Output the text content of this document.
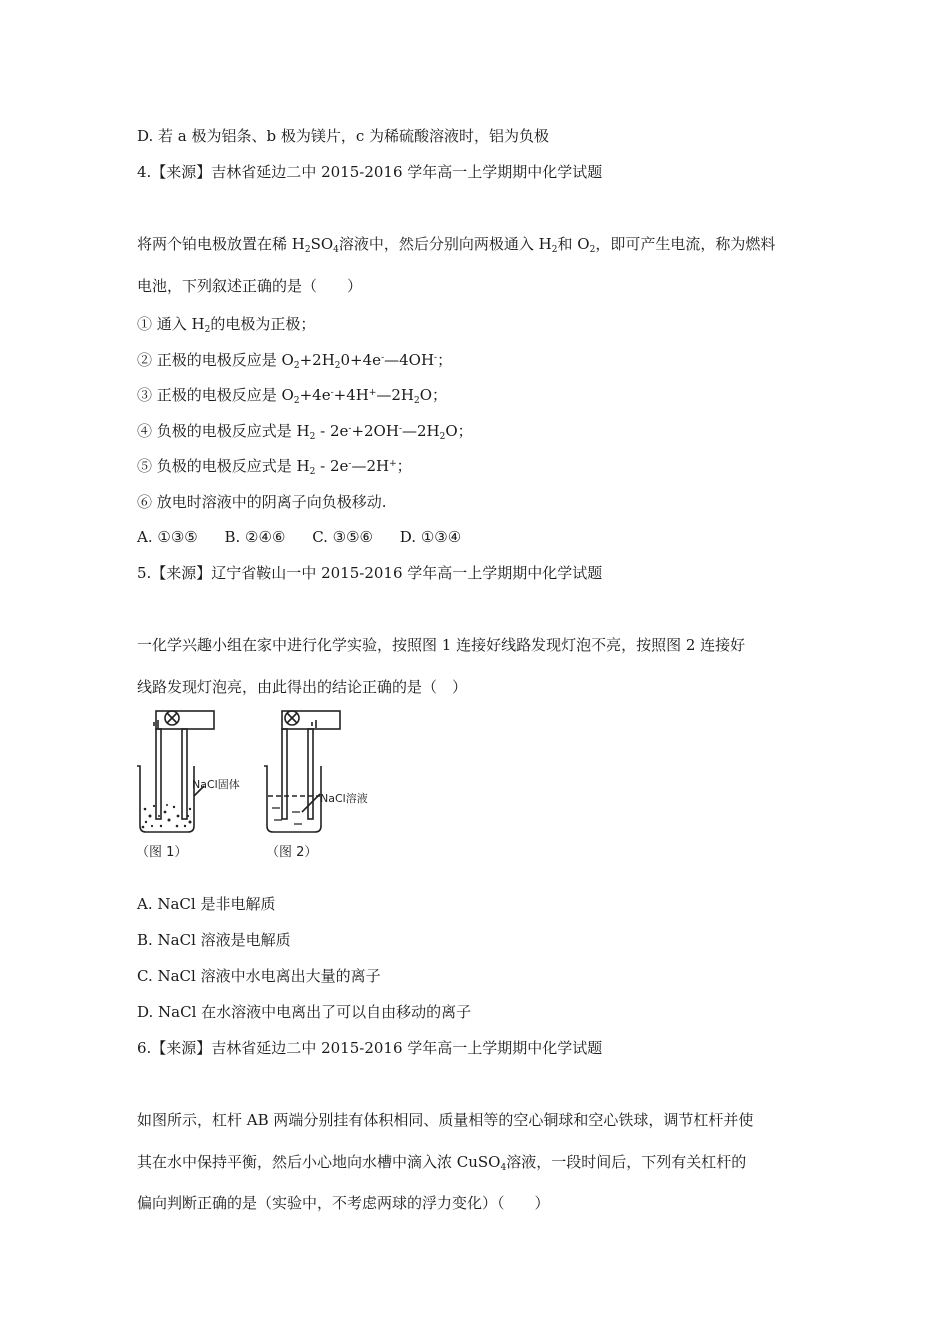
D. 若 a 极为铝条、b 极为镁片，c 为稀硫酸溶液时，铝为负极
4.【来源】吉林省延边二中 2015-2016 学年高一上学期期中化学试题
将两个铂电极放置在稀 $H_2SO_4$溶液中，然后分别向两极通入 $H_2$和 $O_2$，即可产生电流，称为燃料
电池，下列叙述正确的是（　　）
① 通入 $H_2$的电极为正极；
② 正极的电极反应是 $O_2+2H_20+4e^-—4OH^-$；
③ 正极的电极反应是 $O_2+4e^-+4H^+—2H_2O$；
④ 负极的电极反应式是 $H_2$ - $2e^-+2OH^-—2H_2O$；
⑤ 负极的电极反应式是 $H_2$ - 2e-—2H+；
⑥ 放电时溶液中的阴离子向负极移动.
A. ①③⑤ B. ②④⑥ C. ③⑤⑥ D. ①③④
5.【来源】辽宁省鞍山一中 2015-2016 学年高一上学期期中化学试题
一化学兴趣小组在家中进行化学实验，按照图 1 连接好线路发现灯泡不亮，按照图 2 连接好
线路发现灯泡亮，由此得出的结论正确的是（　）
NaCl固体
（图 1）
NaCl溶液
（图 2）
A. NaCl 是非电解质
B. NaCl 溶液是电解质
C. NaCl 溶液中水电离出大量的离子
D. NaCl 在水溶液中电离出了可以自由移动的离子
6.【来源】吉林省延边二中 2015-2016 学年高一上学期期中化学试题
如图所示，杠杆 AB 两端分别挂有体积相同、质量相等的空心铜球和空心铁球，调节杠杆并使
其在水中保持平衡，然后小心地向水槽中滴入浓 CuSO$_4$溶液，一段时间后，下列有关杠杆的
偏向判断正确的是（实验中，不考虑两球的浮力变化）（　　）
